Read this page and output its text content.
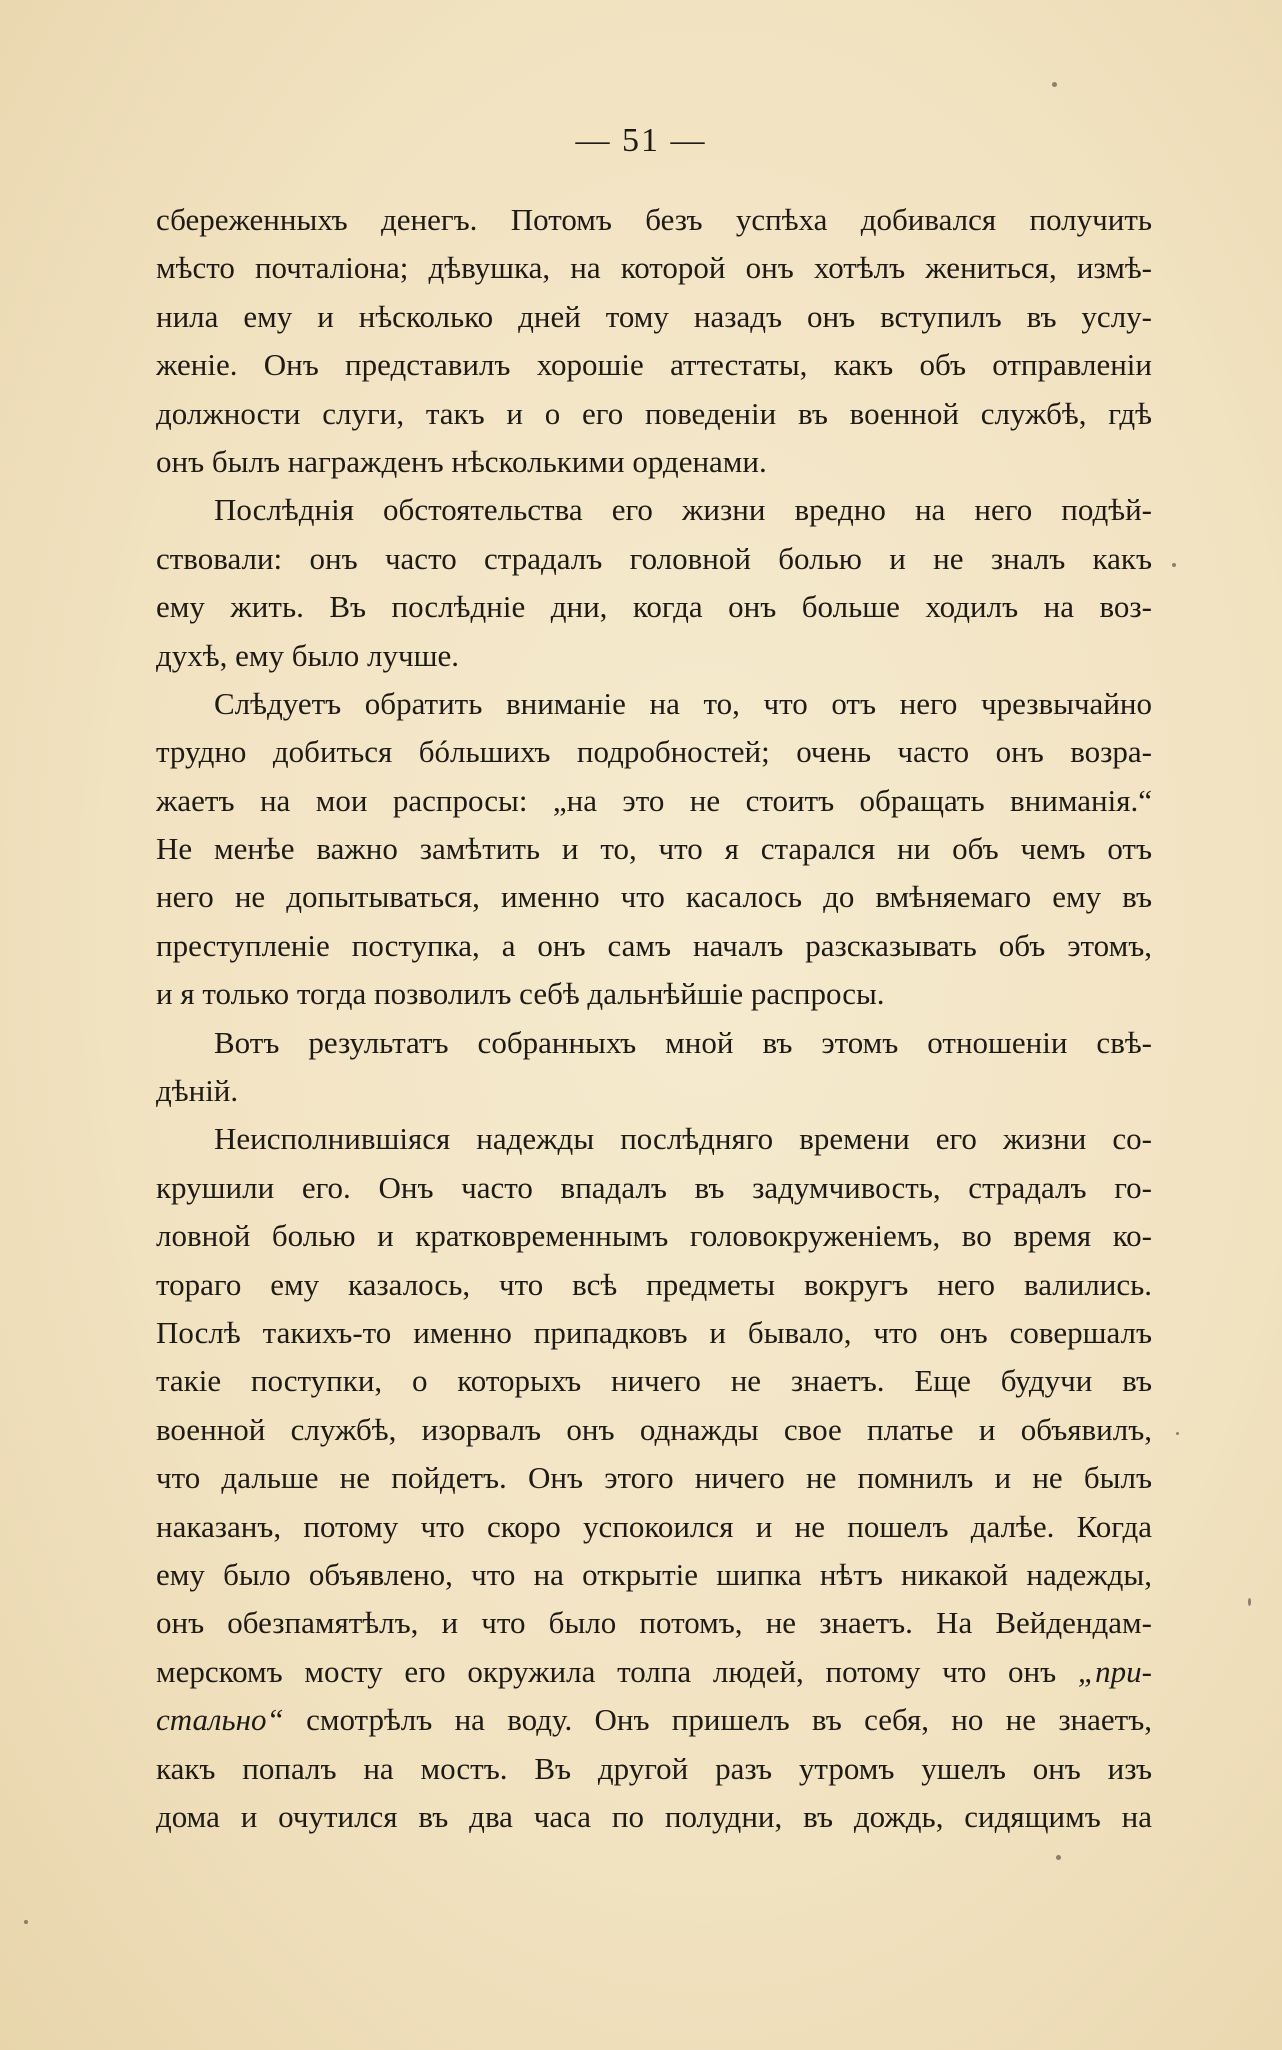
— 51 —
сбереженныхъ денегъ. Потомъ безъ успѣха добивался получить
мѣсто почталіона; дѣвушка, на которой онъ хотѣлъ жениться, измѣ-
нила ему и нѣсколько дней тому назадъ онъ вступилъ въ услу-
женіе. Онъ представилъ хорошіе аттестаты, какъ объ отправленіи
должности слуги, такъ и о его поведеніи въ военной службѣ, гдѣ
онъ былъ награжденъ нѣсколькими орденами.
Послѣднія обстоятельства его жизни вредно на него подѣй-
ствовали: онъ часто страдалъ головной болью и не зналъ какъ
ему жить. Въ послѣдніе дни, когда онъ больше ходилъ на воз-
духѣ, ему было лучше.
Слѣдуетъ обратить вниманіе на то, что отъ него чрезвычайно
трудно добиться бóльшихъ подробностей; очень часто онъ возра-
жаетъ на мои распросы: „на это не стоитъ обращать вниманія.“
Не менѣе важно замѣтить и то, что я старался ни объ чемъ отъ
него не допытываться, именно что касалось до вмѣняемаго ему въ
преступленіе поступка, а онъ самъ началъ разсказывать объ этомъ,
и я только тогда позволилъ себѣ дальнѣйшіе распросы.
Вотъ результатъ собранныхъ мной въ этомъ отношеніи свѣ-
дѣній.
Неисполнившіяся надежды послѣдняго времени его жизни со-
крушили его. Онъ часто впадалъ въ задумчивость, страдалъ го-
ловной болью и кратковременнымъ головокруженіемъ, во время ко-
тораго ему казалось, что всѣ предметы вокругъ него валились.
Послѣ такихъ-то именно припадковъ и бывало, что онъ совершалъ
такіе поступки, о которыхъ ничего не знаетъ. Еще будучи въ
военной службѣ, изорвалъ онъ однажды свое платье и объявилъ,
что дальше не пойдетъ. Онъ этого ничего не помнилъ и не былъ
наказанъ, потому что скоро успокоился и не пошелъ далѣе. Когда
ему было объявлено, что на открытіе шипка нѣтъ никакой надежды,
онъ обезпамятѣлъ, и что было потомъ, не знаетъ. На Вейдендам-
мерскомъ мосту его окружила толпа людей, потому что онъ „при-
стально“ смотрѣлъ на воду. Онъ пришелъ въ себя, но не знаетъ,
какъ попалъ на мостъ. Въ другой разъ утромъ ушелъ онъ изъ
дома и очутился въ два часа по полудни, въ дождь, сидящимъ на
